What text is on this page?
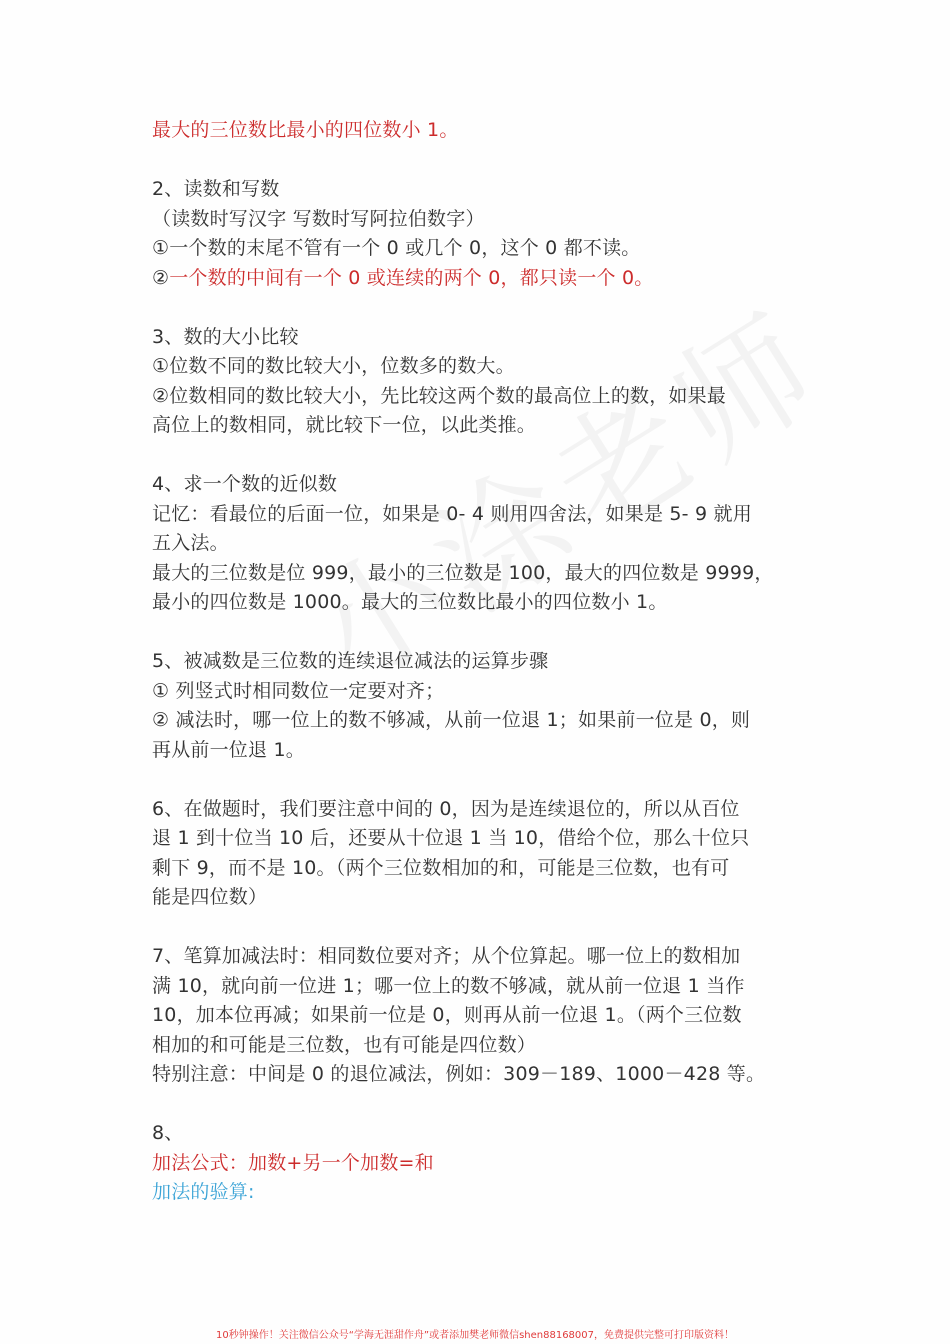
最大的三位数比最小的四位数小 1。
2、读数和写数
（读数时写汉字 写数时写阿拉伯数字）
①一个数的末尾不管有一个 0 或几个 0，这个 0 都不读。
②一个数的中间有一个 0 或连续的两个 0，都只读一个 0。
3、数的大小比较
①位数不同的数比较大小，位数多的数大。
②位数相同的数比较大小，先比较这两个数的最高位上的数，如果最
高位上的数相同，就比较下一位，以此类推。
4、求一个数的近似数
记忆：看最位的后面一位，如果是 0- 4 则用四舍法，如果是 5- 9 就用
五入法。
最大的三位数是位 999，最小的三位数是 100，最大的四位数是 9999，
最小的四位数是 1000。最大的三位数比最小的四位数小 1。
5、被减数是三位数的连续退位减法的运算步骤
① 列竖式时相同数位一定要对齐；
② 减法时，哪一位上的数不够减，从前一位退 1；如果前一位是 0，则
再从前一位退 1。
6、在做题时，我们要注意中间的 0，因为是连续退位的，所以从百位
退 1 到十位当 10 后，还要从十位退 1 当 10，借给个位，那么十位只
剩下 9，而不是 10。（两个三位数相加的和，可能是三位数，也有可
能是四位数）
7、笔算加减法时：相同数位要对齐；从个位算起。哪一位上的数相加
满 10，就向前一位进 1；哪一位上的数不够减，就从前一位退 1 当作
10，加本位再减；如果前一位是 0，则再从前一位退 1。（两个三位数
相加的和可能是三位数，也有可能是四位数）
特别注意：中间是 0 的退位减法，例如：309－189、1000－428 等。
8、
加法公式：加数+另一个加数=和
加法的验算:
10秒钟操作！关注微信公众号“学海无涯甜作舟”或者添加樊老师微信shen88168007，免费提供完整可打印版资料！
